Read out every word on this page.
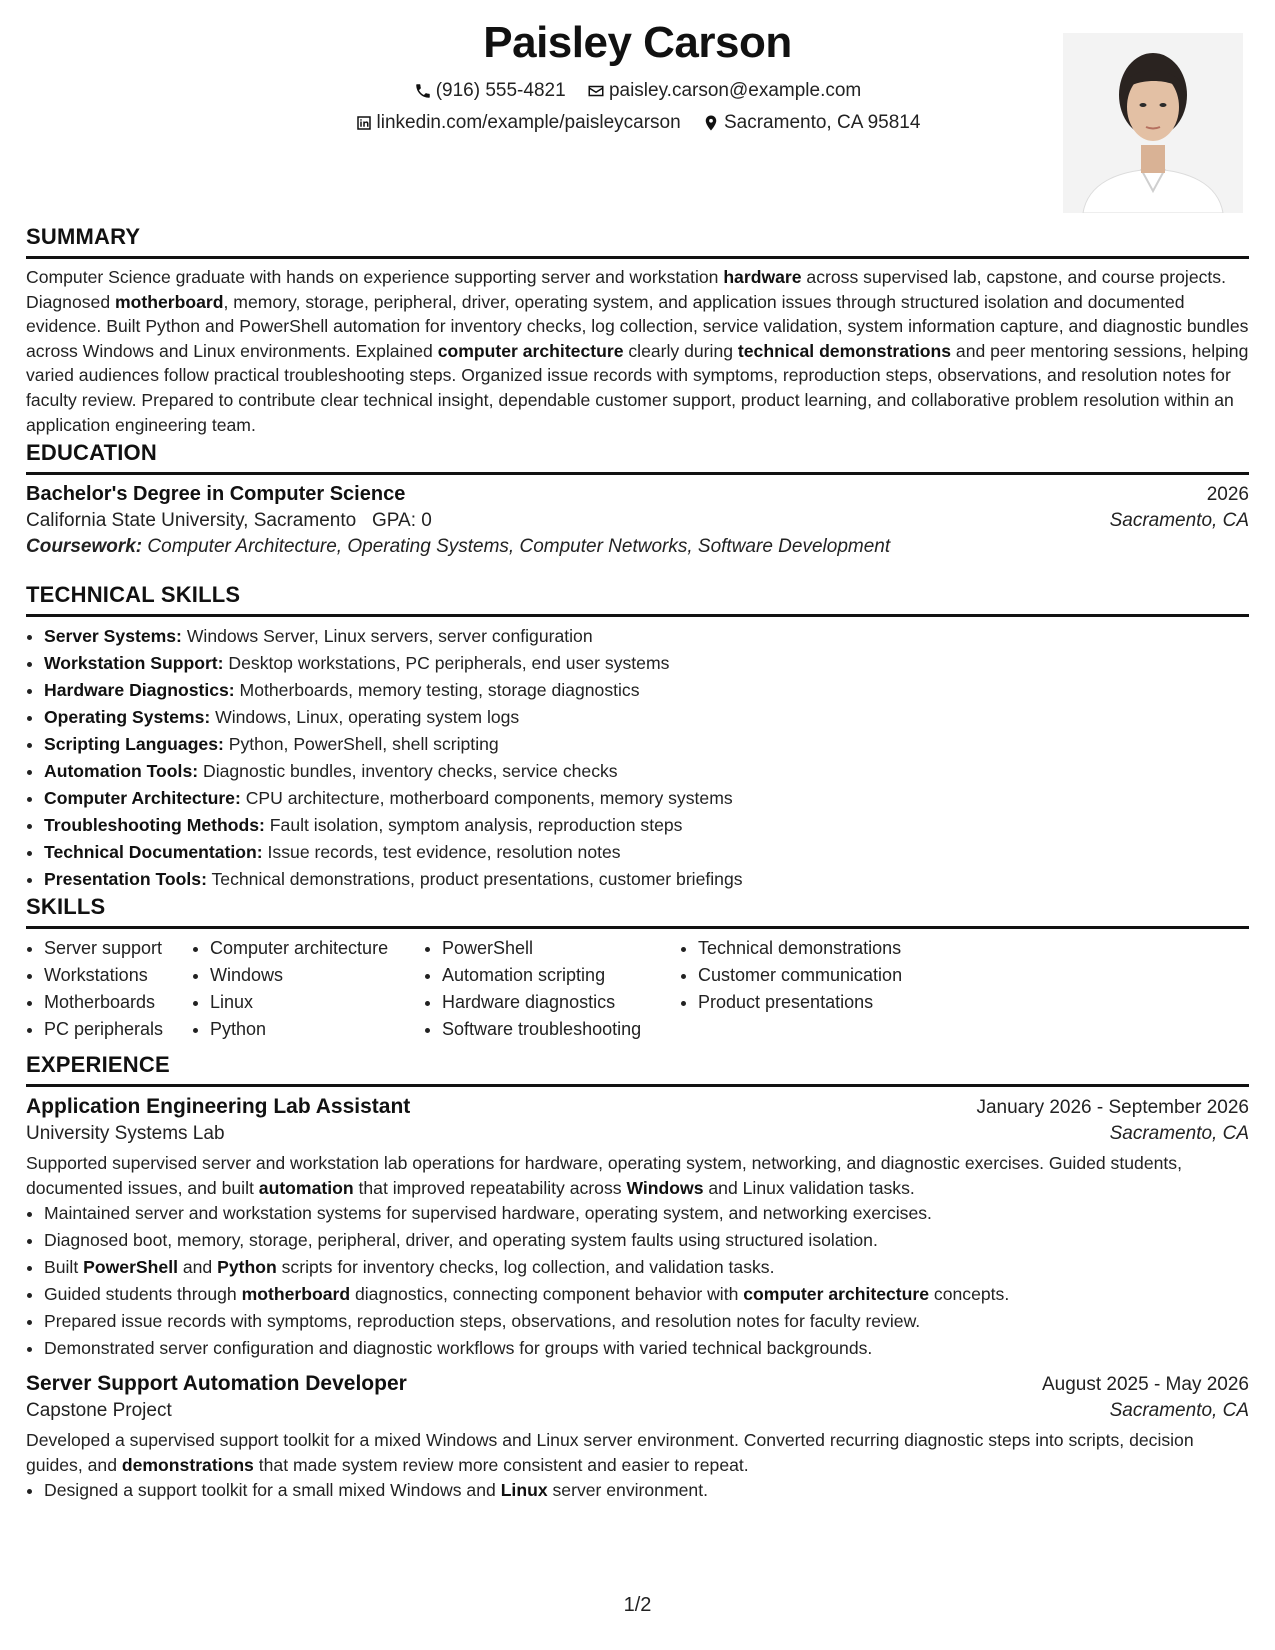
Paisley Carson
(916) 555-4821
paisley.carson@example.com
linkedin.com/example/paisleycarson
Sacramento, CA 95814
SUMMARY

Computer Science graduate with hands on experience supporting server and workstation hardware across supervised lab, capstone, and course projects. Diagnosed motherboard, memory, storage, peripheral, driver, operating system, and application issues through structured isolation and documented evidence. Built Python and PowerShell automation for inventory checks, log collection, service validation, system information capture, and diagnostic bundles across Windows and Linux environments. Explained computer architecture clearly during technical demonstrations and peer mentoring sessions, helping varied audiences follow practical troubleshooting steps. Organized issue records with symptoms, reproduction steps, observations, and resolution notes for faculty review. Prepared to contribute clear technical insight, dependable customer support, product learning, and collaborative problem resolution within an application engineering team.

EDUCATION
Bachelor's Degree in Computer Science	2026
California State University, Sacramento GPA: 0	Sacramento, CA
Coursework: Computer Architecture, Operating Systems, Computer Networks, Software Development
TECHNICAL SKILLS
• Server Systems: Windows Server, Linux servers, server configuration
• Workstation Support: Desktop workstations, PC peripherals, end user systems
• Hardware Diagnostics: Motherboards, memory testing, storage diagnostics
• Operating Systems: Windows, Linux, operating system logs
• Scripting Languages: Python, PowerShell, shell scripting
• Automation Tools: Diagnostic bundles, inventory checks, service checks
• Computer Architecture: CPU architecture, motherboard components, memory systems
• Troubleshooting Methods: Fault isolation, symptom analysis, reproduction steps
• Technical Documentation: Issue records, test evidence, resolution notes
• Presentation Tools: Technical demonstrations, product presentations, customer briefings
SKILLS
• Server support
• Workstations
• Motherboards
• PC peripherals
• Computer architecture
• Windows
• Linux
• Python
• PowerShell
• Automation scripting
• Hardware diagnostics
• Software troubleshooting
• Technical demonstrations
• Customer communication
• Product presentations
EXPERIENCE
Application Engineering Lab Assistant	January 2026 - September 2026
University Systems Lab	Sacramento, CA

Supported supervised server and workstation lab operations for hardware, operating system, networking, and diagnostic exercises. Guided students, documented issues, and built automation that improved repeatability across Windows and Linux validation tasks.

• Maintained server and workstation systems for supervised hardware, operating system, and networking exercises.
• Diagnosed boot, memory, storage, peripheral, driver, and operating system faults using structured isolation.
• Built PowerShell and Python scripts for inventory checks, log collection, and validation tasks.
• Guided students through motherboard diagnostics, connecting component behavior with computer architecture concepts.
• Prepared issue records with symptoms, reproduction steps, observations, and resolution notes for faculty review.
• Demonstrated server configuration and diagnostic workflows for groups with varied technical backgrounds.
Server Support Automation Developer	August 2025 - May 2026
Capstone Project	Sacramento, CA

Developed a supervised support toolkit for a mixed Windows and Linux server environment. Converted recurring diagnostic steps into scripts, decision guides, and demonstrations that made system review more consistent and easier to repeat.

• Designed a support toolkit for a small mixed Windows and Linux server environment.
1/2
